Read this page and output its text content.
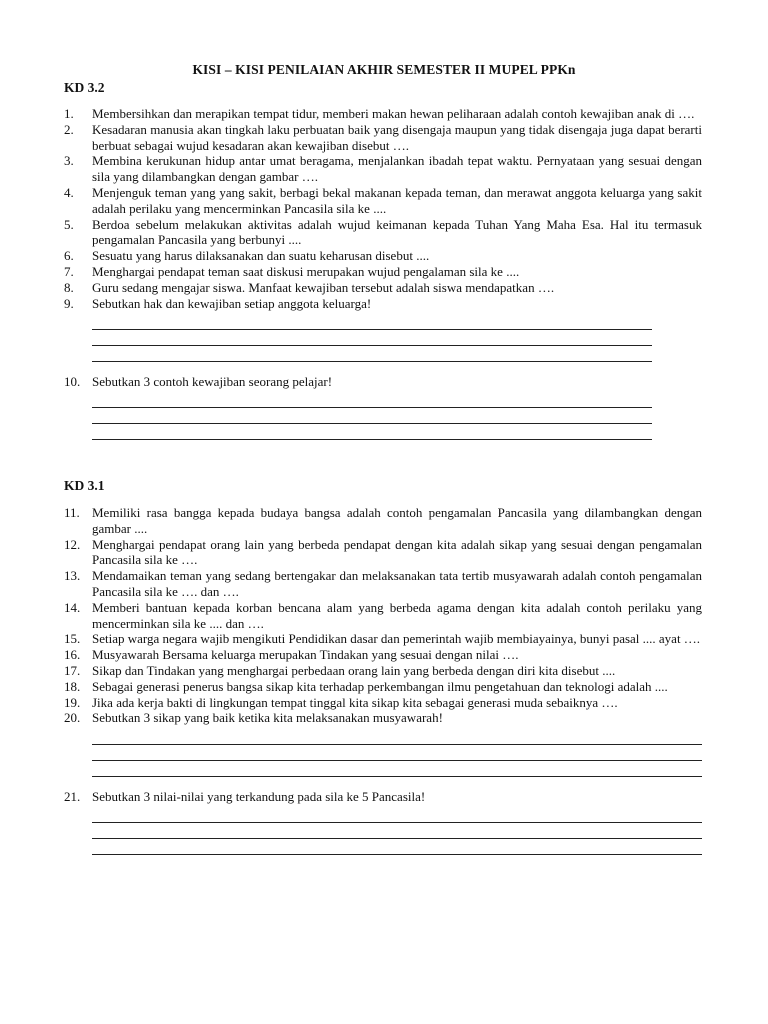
KISI – KISI PENILAIAN AKHIR SEMESTER II MUPEL PPKn
KD 3.2
1. Membersihkan dan merapikan tempat tidur, memberi makan hewan peliharaan adalah contoh kewajiban anak di ….
2. Kesadaran manusia akan tingkah laku perbuatan baik yang disengaja maupun yang tidak disengaja juga dapat berarti berbuat sebagai wujud kesadaran akan kewajiban disebut ….
3. Membina kerukunan hidup antar umat beragama, menjalankan ibadah tepat waktu. Pernyataan yang sesuai dengan sila yang dilambangkan dengan gambar ….
4. Menjenguk teman yang yang sakit, berbagi bekal makanan kepada teman, dan merawat anggota keluarga yang sakit adalah perilaku yang mencerminkan Pancasila sila ke ....
5. Berdoa sebelum melakukan aktivitas adalah wujud keimanan kepada Tuhan Yang Maha Esa. Hal itu termasuk pengamalan Pancasila yang berbunyi ....
6. Sesuatu yang harus dilaksanakan dan suatu keharusan disebut ....
7. Menghargai pendapat teman saat diskusi merupakan wujud pengalaman sila ke ....
8. Guru sedang mengajar siswa. Manfaat kewajiban tersebut adalah siswa mendapatkan ….
9. Sebutkan hak dan kewajiban setiap anggota keluarga!
10. Sebutkan 3 contoh kewajiban seorang pelajar!
KD 3.1
11. Memiliki rasa bangga kepada budaya bangsa adalah contoh pengamalan Pancasila yang dilambangkan dengan gambar ....
12. Menghargai pendapat orang lain yang berbeda pendapat dengan kita adalah sikap yang sesuai dengan pengamalan Pancasila sila ke ….
13. Mendamaikan teman yang sedang bertengakar dan melaksanakan tata tertib musyawarah adalah contoh pengamalan Pancasila sila ke …. dan ….
14. Memberi bantuan kepada korban bencana alam yang berbeda agama dengan kita adalah contoh perilaku yang mencerminkan sila ke .... dan ….
15. Setiap warga negara wajib mengikuti Pendidikan dasar dan pemerintah wajib membiayainya, bunyi pasal .... ayat ….
16. Musyawarah Bersama keluarga merupakan Tindakan yang sesuai dengan nilai ….
17. Sikap dan Tindakan yang menghargai perbedaan orang lain yang berbeda dengan diri kita disebut ....
18. Sebagai generasi penerus bangsa sikap kita terhadap perkembangan ilmu pengetahuan dan teknologi adalah ....
19. Jika ada kerja bakti di lingkungan tempat tinggal kita sikap kita sebagai generasi muda sebaiknya ….
20. Sebutkan 3 sikap yang baik ketika kita melaksanakan musyawarah!
21. Sebutkan 3 nilai-nilai yang terkandung pada sila ke 5 Pancasila!
